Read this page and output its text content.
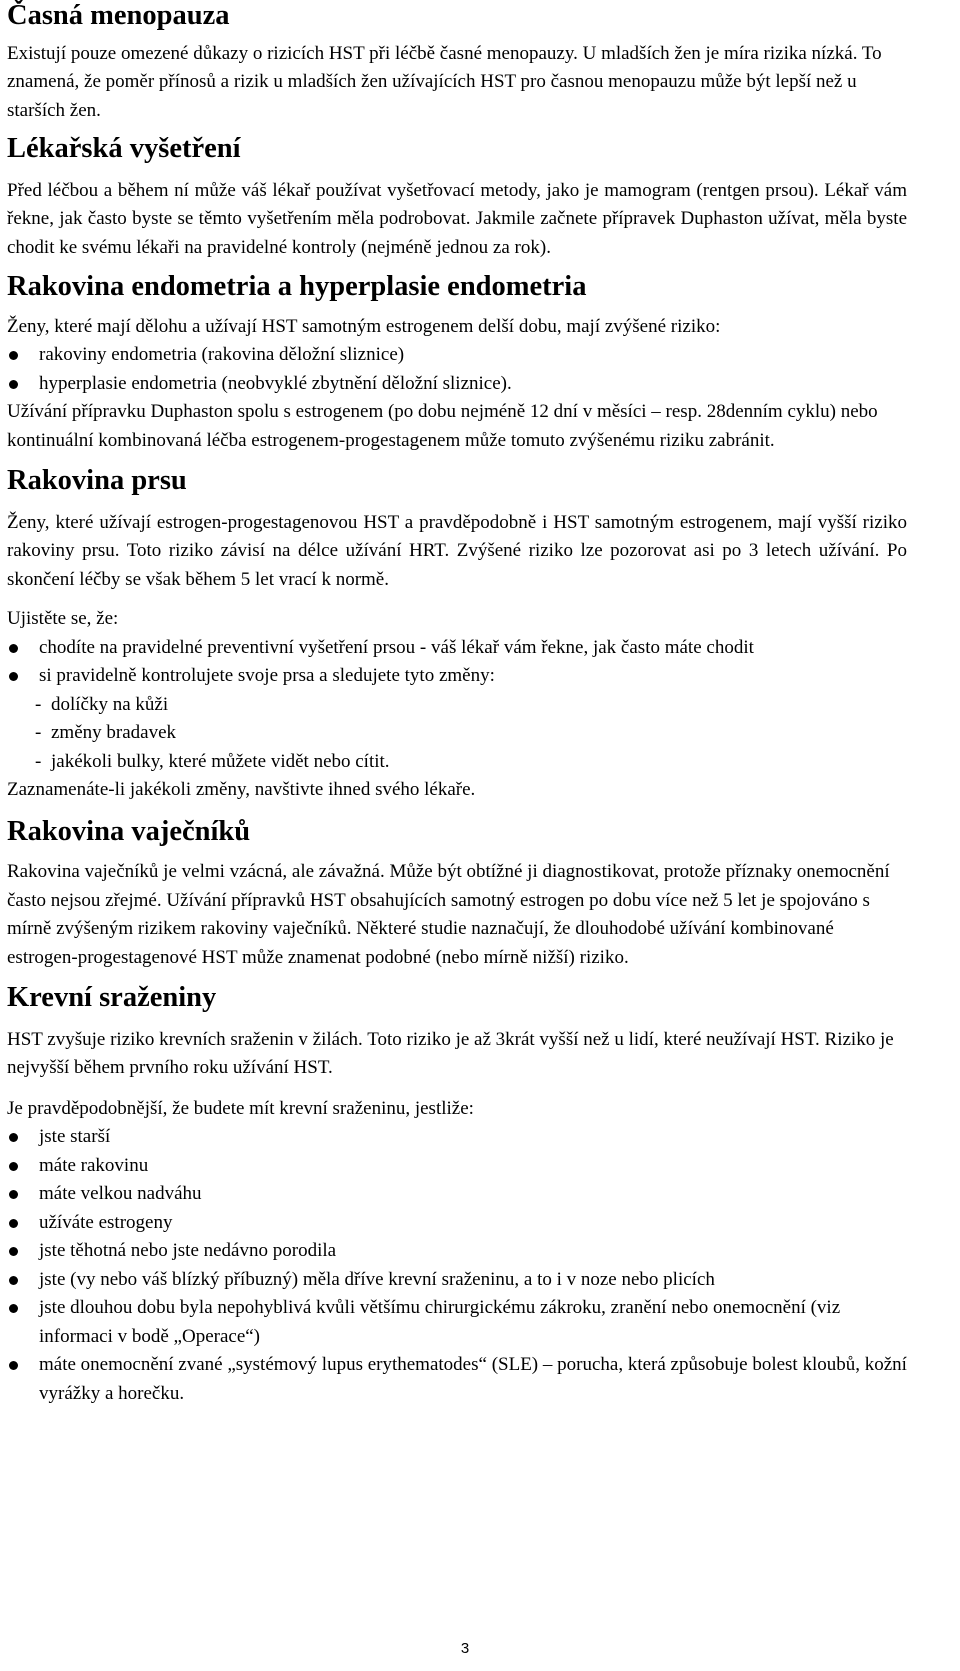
Časná menopauza

Existují pouze omezené důkazy o rizicích HST při léčbě časné menopauzy. U mladších žen je míra rizika nízká. To znamená, že poměr přínosů a rizik u mladších žen užívajících HST pro časnou menopauzu může být lepší než u starších žen.

Lékařská vyšetření

Před léčbou a během ní může váš lékař používat vyšetřovací metody, jako je mamogram (rentgen prsou). Lékař vám řekne, jak často byste se těmto vyšetřením měla podrobovat. Jakmile začnete přípravek Duphaston užívat, měla byste chodit ke svému lékaři na pravidelné kontroly (nejméně jednou za rok).

Rakovina endometria a hyperplasie endometria

Ženy, které mají dělohu a užívají HST samotným estrogenem delší dobu, mají zvýšené riziko:

rakoviny endometria (rakovina děložní sliznice)
hyperplasie endometria (neobvyklé zbytnění děložní sliznice).

Užívání přípravku Duphaston spolu s estrogenem (po dobu nejméně 12 dní v měsíci – resp. 28denním cyklu) nebo kontinuální kombinovaná léčba estrogenem-progestagenem může tomuto zvýšenému riziku zabránit.

Rakovina prsu

Ženy, které užívají estrogen-progestagenovou HST a pravděpodobně i HST samotným estrogenem, mají vyšší riziko rakoviny prsu. Toto riziko závisí na délce užívání HRT. Zvýšené riziko lze pozorovat asi po 3 letech užívání. Po skončení léčby se však během 5 let vrací k normě.

Ujistěte se, že:

chodíte na pravidelné preventivní vyšetření prsou - váš lékař vám řekne, jak často máte chodit
si pravidelně kontrolujete svoje prsa a sledujete tyto změny:
- dolíčky na kůži
- změny bradavek
- jakékoli bulky, které můžete vidět nebo cítit.

Zaznamenáte-li jakékoli změny, navštivte ihned svého lékaře.

Rakovina vaječníků

Rakovina vaječníků je velmi vzácná, ale závažná. Může být obtížné ji diagnostikovat, protože příznaky onemocnění často nejsou zřejmé. Užívání přípravků HST obsahujících samotný estrogen po dobu více než 5 let je spojováno s mírně zvýšeným rizikem rakoviny vaječníků. Některé studie naznačují, že dlouhodobé užívání kombinované estrogen-progestagenové HST může znamenat podobné (nebo mírně nižší) riziko.

Krevní sraženiny

HST zvyšuje riziko krevních sraženin v žilách. Toto riziko je až 3krát vyšší než u lidí, které neužívají HST. Riziko je nejvyšší během prvního roku užívání HST.

Je pravděpodobnější, že budete mít krevní sraženinu, jestliže:

jste starší
máte rakovinu
máte velkou nadváhu
užíváte estrogeny
jste těhotná nebo jste nedávno porodila
jste (vy nebo váš blízký příbuzný) měla dříve krevní sraženinu, a to i v noze nebo plicích
jste dlouhou dobu byla nepohyblivá kvůli většímu chirurgickému zákroku, zranění nebo onemocnění (viz informaci v bodě „Operace“)
máte onemocnění zvané „systémový lupus erythematodes“ (SLE) – porucha, která způsobuje bolest kloubů, kožní vyrážky a horečku.
3
